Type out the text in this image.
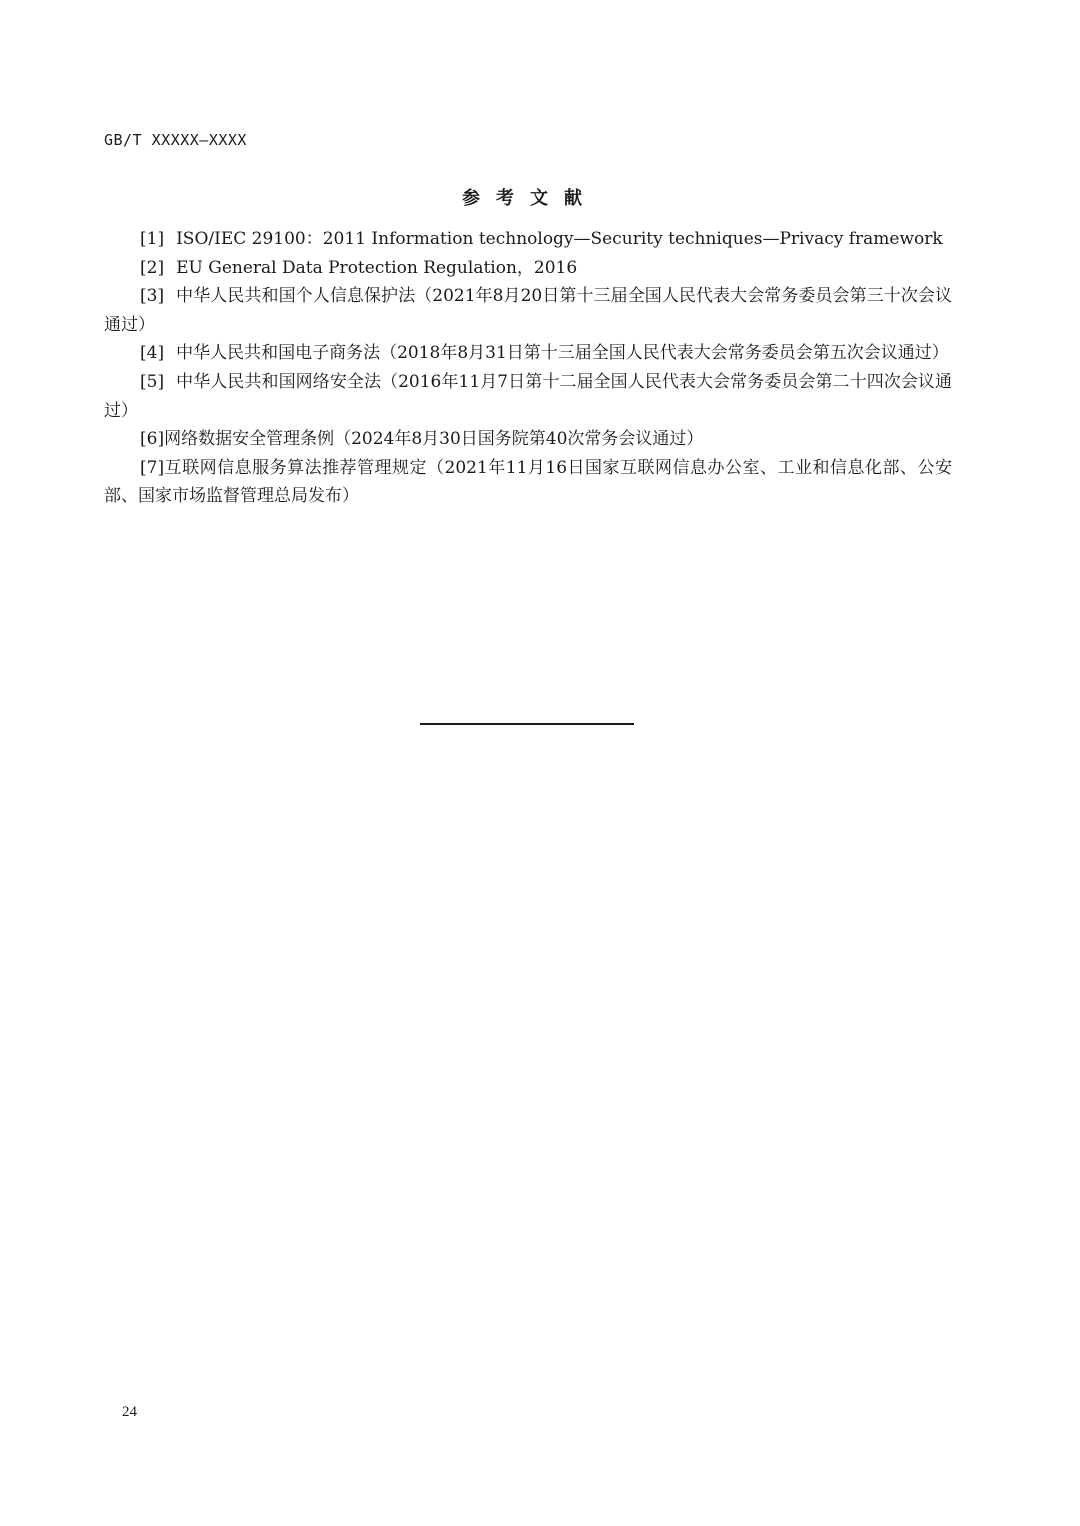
GB/T XXXXX—XXXX
参考文献

[1] ISO/IEC 29100：2011 Information technology—Security techniques—Privacy framework

[2] EU General Data Protection Regulation，2016

[3] 中华人民共和国个人信息保护法（2021年8月20日第十三届全国人民代表大会常务委员会第三十次会议通过）

[4] 中华人民共和国电子商务法（2018年8月31日第十三届全国人民代表大会常务委员会第五次会议通过）

[5] 中华人民共和国网络安全法（2016年11月7日第十二届全国人民代表大会常务委员会第二十四次会议通过）

[6]网络数据安全管理条例（2024年8月30日国务院第40次常务会议通过）

[7]互联网信息服务算法推荐管理规定（2021年11月16日国家互联网信息办公室、工业和信息化部、公安部、国家市场监督管理总局发布）

24
